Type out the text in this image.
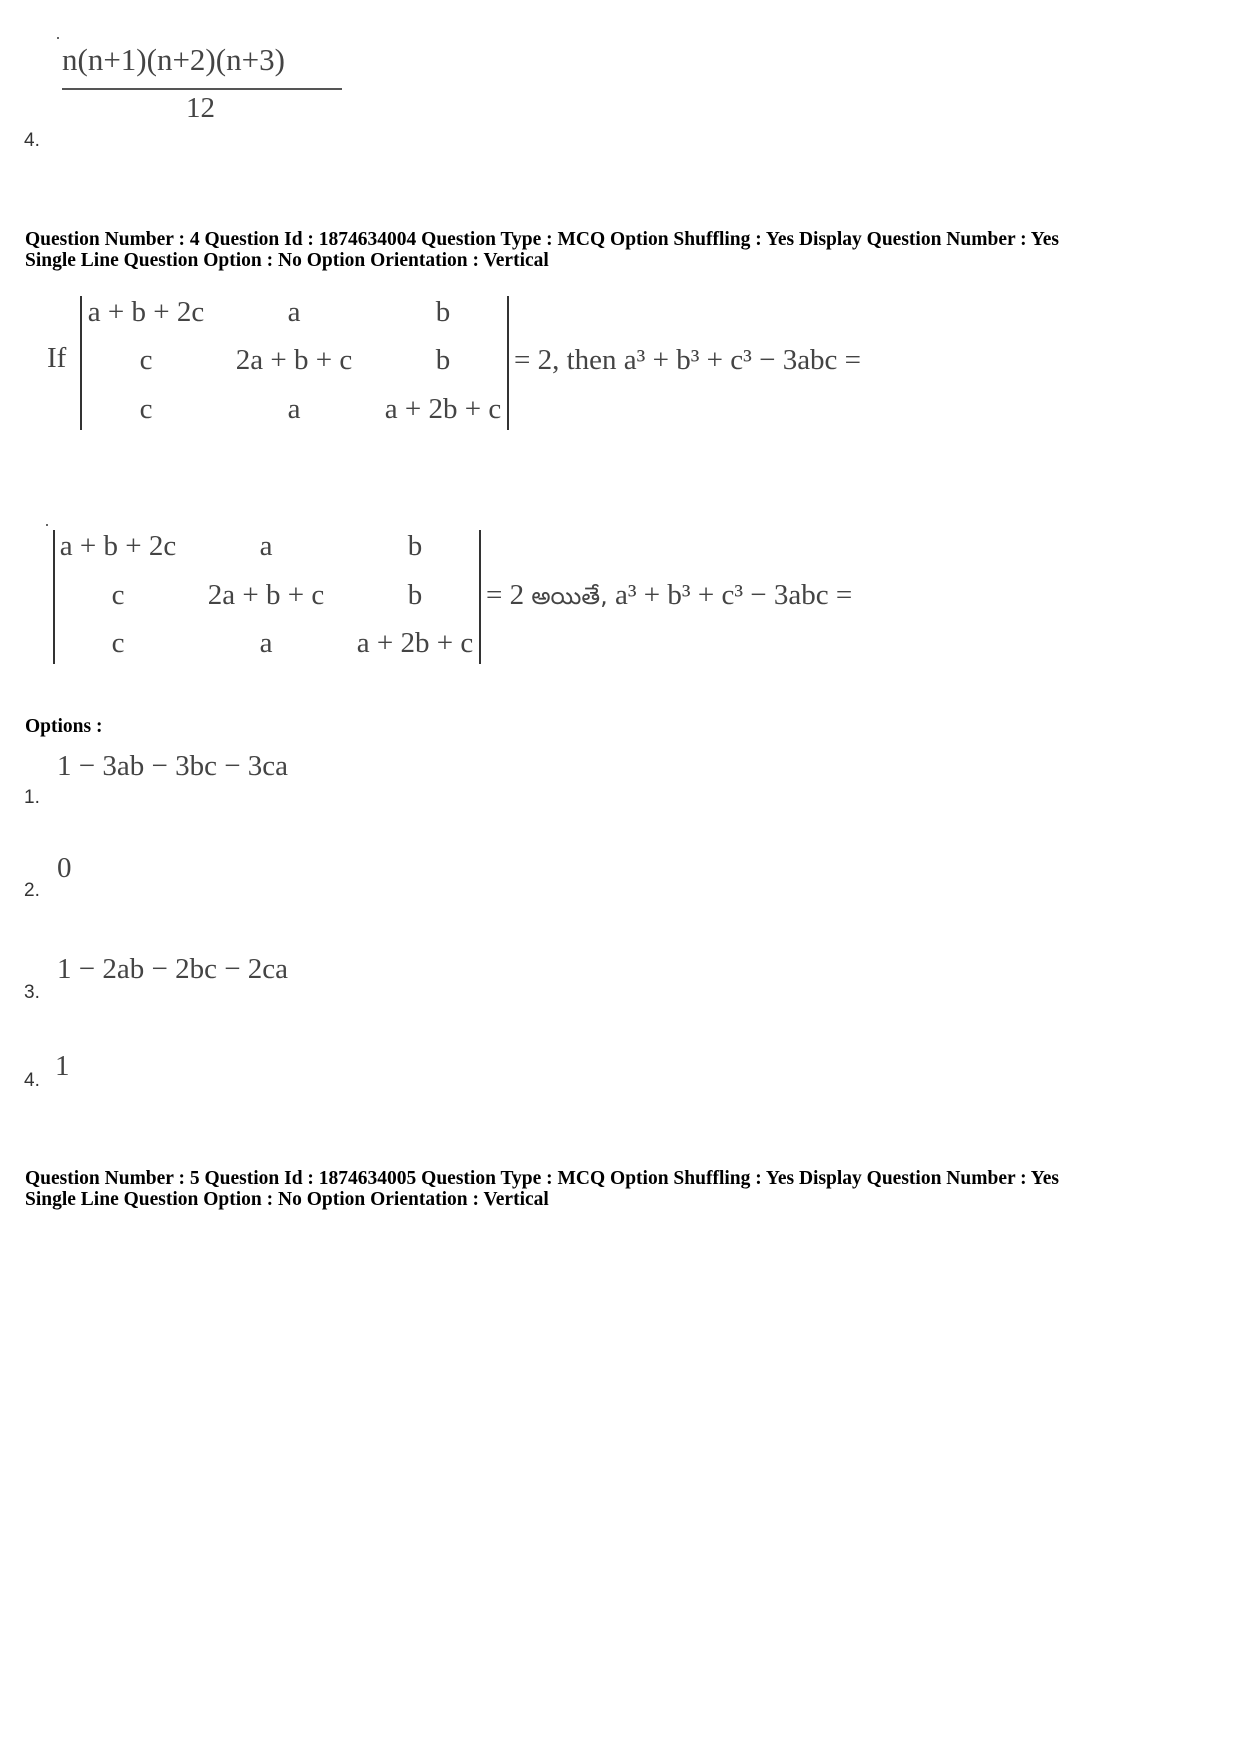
n(n+1)(n+2)(n+3)
12
4.
Question Number : 4 Question Id : 1874634004 Question Type : MCQ Option Shuffling : Yes Display Question Number : Yes
Single Line Question Option : No Option Orientation : Vertical
If
a + b + 2c	a	b
c	2a + b + c	b
c	a	a + 2b + c
= 2, then a³ + b³ + c³ − 3abc =
a + b + 2c	a	b
c	2a + b + c	b
c	a	a + 2b + c
= 2 అయితే, a³ + b³ + c³ − 3abc =
Options :
1 − 3ab − 3bc − 3ca
1.
0
2.
1 − 2ab − 2bc − 2ca
3.
1
4.
Question Number : 5 Question Id : 1874634005 Question Type : MCQ Option Shuffling : Yes Display Question Number : Yes
Single Line Question Option : No Option Orientation : Vertical
